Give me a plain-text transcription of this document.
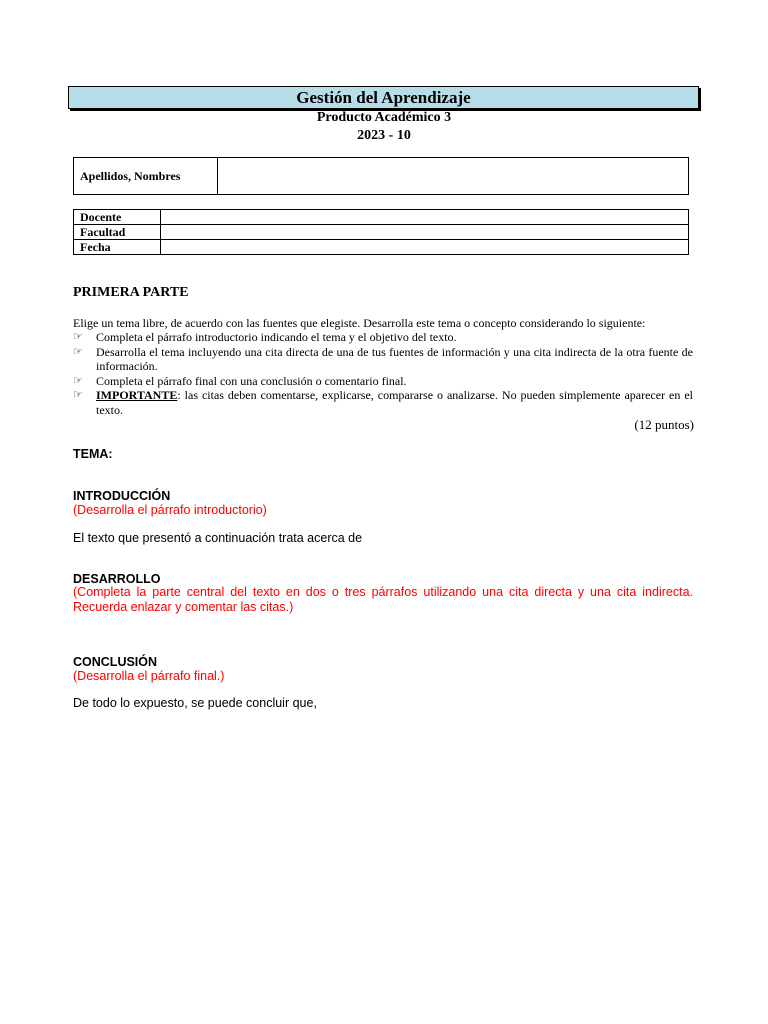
Gestión del Aprendizaje
Producto Académico 3
2023 - 10
Apellidos, Nombres	
Docente	
Facultad	
Fecha	
PRIMERA PARTE
Elige un tema libre, de acuerdo con las fuentes que elegiste. Desarrolla este tema o concepto considerando lo siguiente:
☞ Completa el párrafo introductorio indicando el tema y el objetivo del texto.
☞ Desarrolla el tema incluyendo una cita directa de una de tus fuentes de información y una cita indirecta de la otra fuente de información.
☞ Completa el párrafo final con una conclusión o comentario final.
☞ IMPORTANTE: las citas deben comentarse, explicarse, compararse o analizarse. No pueden simplemente aparecer en el texto.
(12 puntos)
TEMA:
INTRODUCCIÓN
(Desarrolla el párrafo introductorio)
El texto que presentó a continuación trata acerca de
DESARROLLO
(Completa la parte central del texto en dos o tres párrafos utilizando una cita directa y una cita indirecta. Recuerda enlazar y comentar las citas.)
CONCLUSIÓN
(Desarrolla el párrafo final.)
De todo lo expuesto, se puede concluir que,
